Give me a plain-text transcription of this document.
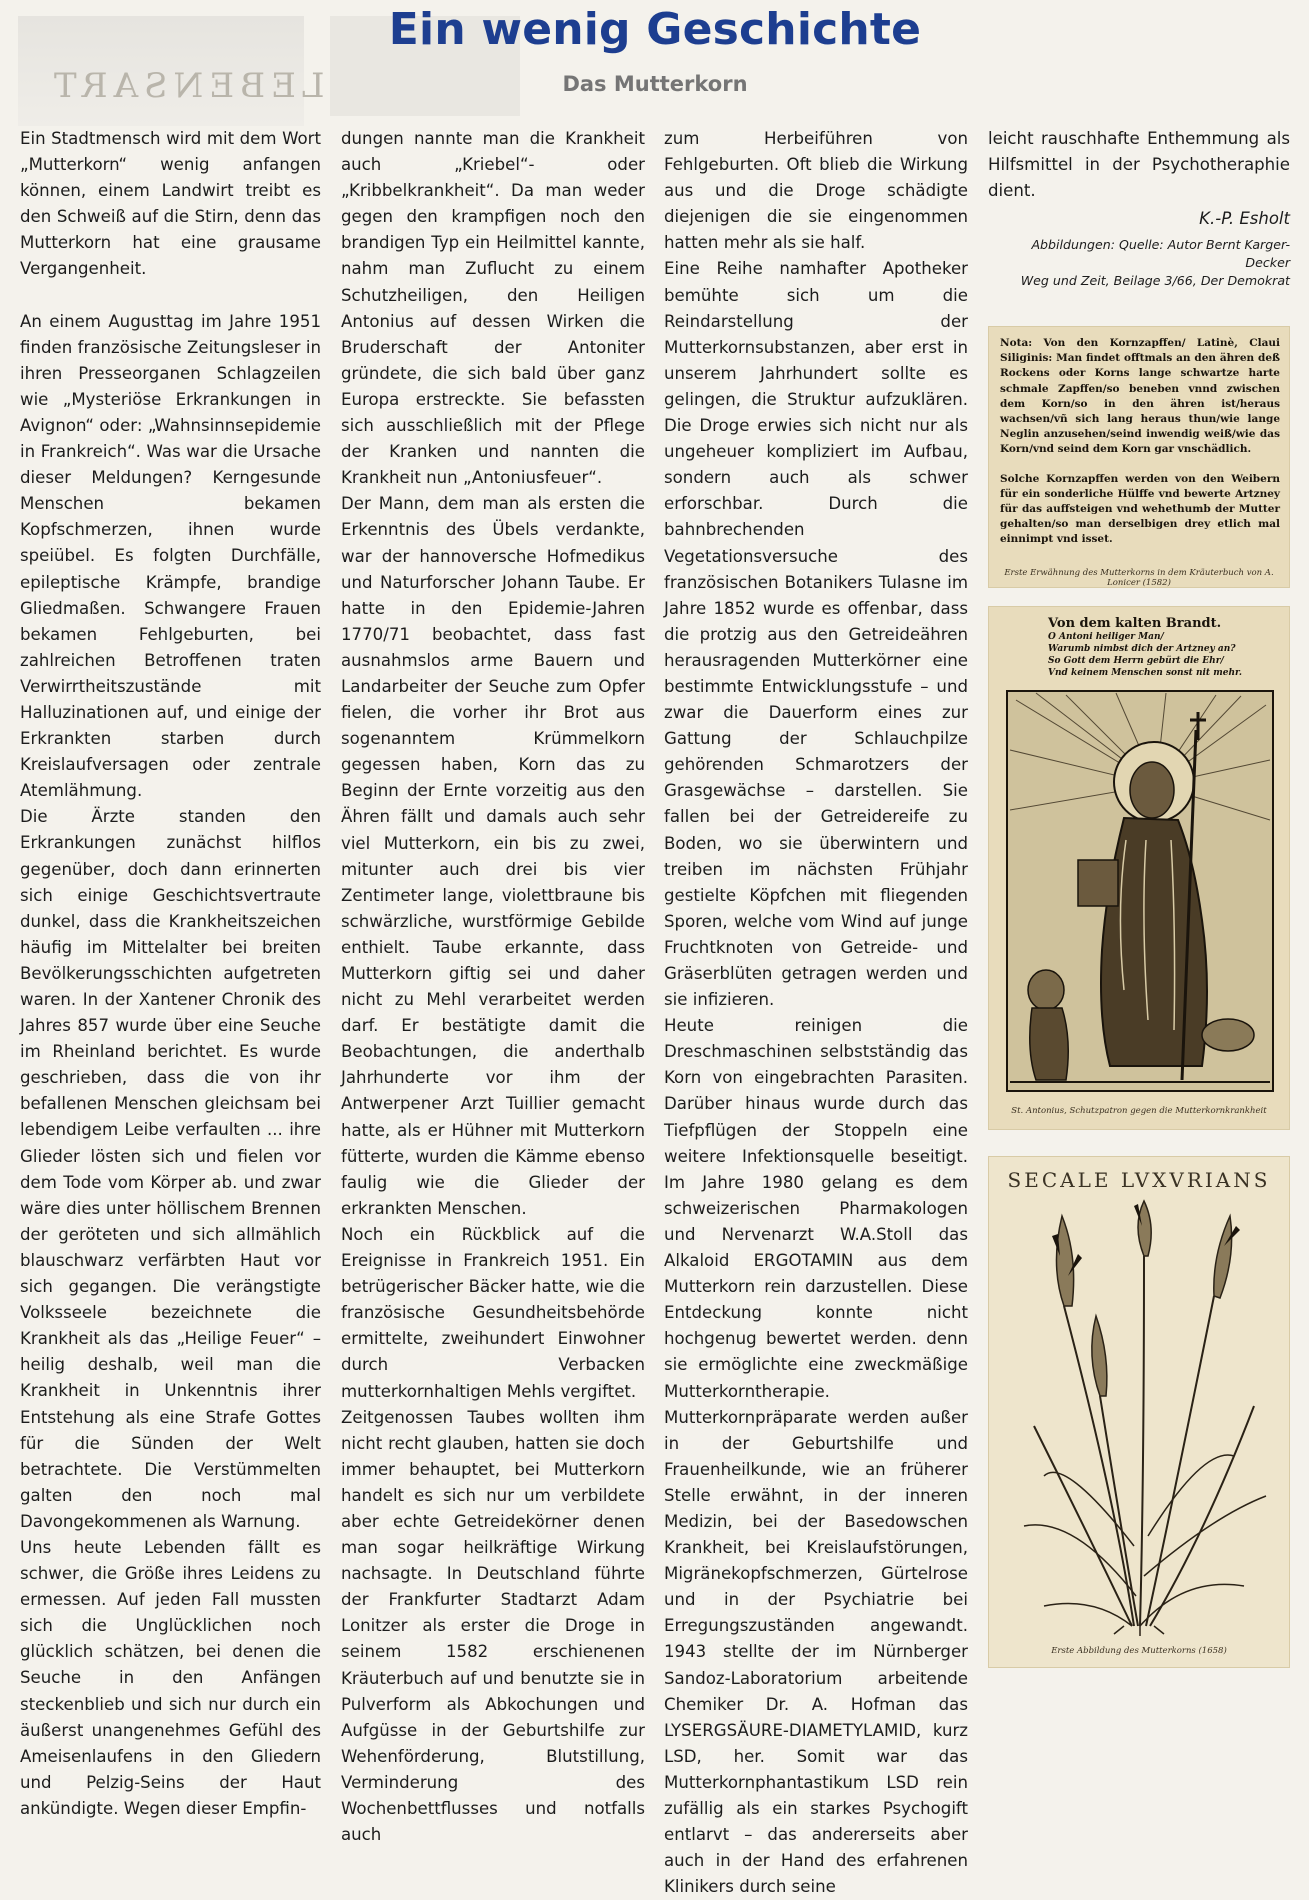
LEBENSART
Ein wenig Geschichte
Das Mutterkorn

Ein Stadtmensch wird mit dem Wort „Mutterkorn“ wenig anfangen können, einem Landwirt treibt es den Schweiß auf die Stirn, denn das Mutterkorn hat eine grausame Vergangenheit.

An einem Augusttag im Jahre 1951 finden französische Zeitungsleser in ihren Presseorganen Schlagzeilen wie „Mysteriöse Erkrankungen in Avignon“ oder: „Wahnsinnsepidemie in Frankreich“. Was war die Ursache dieser Meldungen? Kerngesunde Menschen bekamen Kopfschmerzen, ihnen wurde speiübel. Es folgten Durchfälle, epileptische Krämpfe, brandige Gliedmaßen. Schwangere Frauen bekamen Fehlgeburten, bei zahlreichen Betroffenen traten Verwirrtheitszustände mit Halluzinationen auf, und einige der Erkrankten starben durch Kreislaufversagen oder zentrale Atemlähmung.

Die Ärzte standen den Erkrankungen zunächst hilflos gegenüber, doch dann erinnerten sich einige Geschichtsvertraute dunkel, dass die Krankheitszeichen häufig im Mittelalter bei breiten Bevölkerungsschichten aufgetreten waren. In der Xantener Chronik des Jahres 857 wurde über eine Seuche im Rheinland berichtet. Es wurde geschrieben, dass die von ihr befallenen Menschen gleichsam bei lebendigem Leibe verfaulten ... ihre Glieder lösten sich und fielen vor dem Tode vom Körper ab. und zwar wäre dies unter höllischem Brennen der geröteten und sich allmählich blauschwarz verfärbten Haut vor sich gegangen. Die verängstigte Volksseele bezeichnete die Krankheit als das „Heilige Feuer“ – heilig deshalb, weil man die Krankheit in Unkenntnis ihrer Entstehung als eine Strafe Gottes für die Sünden der Welt betrachtete. Die Verstümmelten galten den noch mal Davongekommenen als Warnung.

Uns heute Lebenden fällt es schwer, die Größe ihres Leidens zu ermessen. Auf jeden Fall mussten sich die Unglücklichen noch glücklich schätzen, bei denen die Seuche in den Anfängen steckenblieb und sich nur durch ein äußerst unangenehmes Gefühl des Ameisenlaufens in den Gliedern und Pelzig-Seins der Haut ankündigte. Wegen dieser Empfin-

dungen nannte man die Krankheit auch „Kriebel“- oder „Kribbelkrankheit“. Da man weder gegen den krampfigen noch den brandigen Typ ein Heilmittel kannte, nahm man Zuflucht zu einem Schutzheiligen, den Heiligen Antonius auf dessen Wirken die Bruderschaft der Antoniter gründete, die sich bald über ganz Europa erstreckte. Sie befassten sich ausschließlich mit der Pflege der Kranken und nannten die Krankheit nun „Antoniusfeuer“.

Der Mann, dem man als ersten die Erkenntnis des Übels verdankte, war der hannoversche Hofmedikus und Naturforscher Johann Taube. Er hatte in den Epidemie-Jahren 1770/71 beobachtet, dass fast ausnahmslos arme Bauern und Landarbeiter der Seuche zum Opfer fielen, die vorher ihr Brot aus sogenanntem Krümmelkorn gegessen haben, Korn das zu Beginn der Ernte vorzeitig aus den Ähren fällt und damals auch sehr viel Mutterkorn, ein bis zu zwei, mitunter auch drei bis vier Zentimeter lange, violettbraune bis schwärzliche, wurstförmige Gebilde enthielt. Taube erkannte, dass Mutterkorn giftig sei und daher nicht zu Mehl verarbeitet werden darf. Er bestätigte damit die Beobachtungen, die anderthalb Jahrhunderte vor ihm der Antwerpener Arzt Tuillier gemacht hatte, als er Hühner mit Mutterkorn fütterte, wurden die Kämme ebenso faulig wie die Glieder der erkrankten Menschen.

Noch ein Rückblick auf die Ereignisse in Frankreich 1951. Ein betrügerischer Bäcker hatte, wie die französische Gesundheitsbehörde ermittelte, zweihundert Einwohner durch Verbacken mutterkornhaltigen Mehls vergiftet.

Zeitgenossen Taubes wollten ihm nicht recht glauben, hatten sie doch immer behauptet, bei Mutterkorn handelt es sich nur um verbildete aber echte Getreidekörner denen man sogar heilkräftige Wirkung nachsagte. In Deutschland führte der Frankfurter Stadtarzt Adam Lonitzer als erster die Droge in seinem 1582 erschienenen Kräuterbuch auf und benutzte sie in Pulverform als Abkochungen und Aufgüsse in der Geburtshilfe zur Wehenförderung, Blutstillung, Verminderung des Wochenbettflusses und notfalls auch

zum Herbeiführen von Fehlgeburten. Oft blieb die Wirkung aus und die Droge schädigte diejenigen die sie eingenommen hatten mehr als sie half.

Eine Reihe namhafter Apotheker bemühte sich um die Reindarstellung der Mutterkornsubstanzen, aber erst in unserem Jahrhundert sollte es gelingen, die Struktur aufzuklären. Die Droge erwies sich nicht nur als ungeheuer kompliziert im Aufbau, sondern auch als schwer erforschbar. Durch die bahnbrechenden Vegetationsversuche des französischen Botanikers Tulasne im Jahre 1852 wurde es offenbar, dass die protzig aus den Getreideähren herausragenden Mutterkörner eine bestimmte Entwicklungsstufe – und zwar die Dauerform eines zur Gattung der Schlauchpilze gehörenden Schmarotzers der Grasgewächse – darstellen. Sie fallen bei der Getreidereife zu Boden, wo sie überwintern und treiben im nächsten Frühjahr gestielte Köpfchen mit fliegenden Sporen, welche vom Wind auf junge Fruchtknoten von Getreide- und Gräserblüten getragen werden und sie infizieren.

Heute reinigen die Dreschmaschinen selbstständig das Korn von eingebrachten Parasiten. Darüber hinaus wurde durch das Tiefpflügen der Stoppeln eine weitere Infektionsquelle beseitigt. Im Jahre 1980 gelang es dem schweizerischen Pharmakologen und Nervenarzt W.A.Stoll das Alkaloid ERGOTAMIN aus dem Mutterkorn rein darzustellen. Diese Entdeckung konnte nicht hochgenug bewertet werden. denn sie ermöglichte eine zweckmäßige Mutterkorntherapie. Mutterkornpräparate werden außer in der Geburtshilfe und Frauenheilkunde, wie an früherer Stelle erwähnt, in der inneren Medizin, bei der Basedowschen Krankheit, bei Kreislaufstörungen, Migränekopfschmerzen, Gürtelrose und in der Psychiatrie bei Erregungszuständen angewandt. 1943 stellte der im Nürnberger Sandoz-Laboratorium arbeitende Chemiker Dr. A. Hofman das LYSERGSÄURE-DIAMETYLAMID, kurz LSD, her. Somit war das Mutterkornphantastikum LSD rein zufällig als ein starkes Psychogift entlarvt – das andererseits aber auch in der Hand des erfahrenen Klinikers durch seine

leicht rauschhafte Enthemmung als Hilfsmittel in der Psychotheraphie dient.

K.-P. Esholt
Abbildungen: Quelle: Autor Bernt Karger-Decker
Weg und Zeit, Beilage 3/66, Der Demokrat

Nota: Von den Kornzapffen/ Latinè, Claui Siliginis: Man findet offtmals an den ähren deß Rockens oder Korns lange schwartze harte schmale Zapffen/so beneben vnnd zwischen dem Korn/so in den ähren ist/heraus wachsen/vñ sich lang heraus thun/wie lange Neglin anzusehen/seind inwendig weiß/wie das Korn/vnd seind dem Korn gar vnschädlich.

Solche Kornzapffen werden von den Weibern für ein sonderliche Hülffe vnd bewerte Artzney für das auffsteigen vnd wehethumb der Mutter gehalten/so man derselbigen drey etlich mal einnimpt vnd isset.

Erste Erwähnung des Mutterkorns in dem Kräuterbuch von A. Lonicer (1582)
Von dem kalten Brandt.
O Antoni heiliger Man/
Warumb nimbst dich der Artzney an?
So Gott dem Herrn gebürt die Ehr/
Vnd keinem Menschen sonst nit mehr.
St. Antonius, Schutzpatron gegen die Mutterkornkrankheit
SECALE LVXVRIANS
Erste Abbildung des Mutterkorns (1658)
